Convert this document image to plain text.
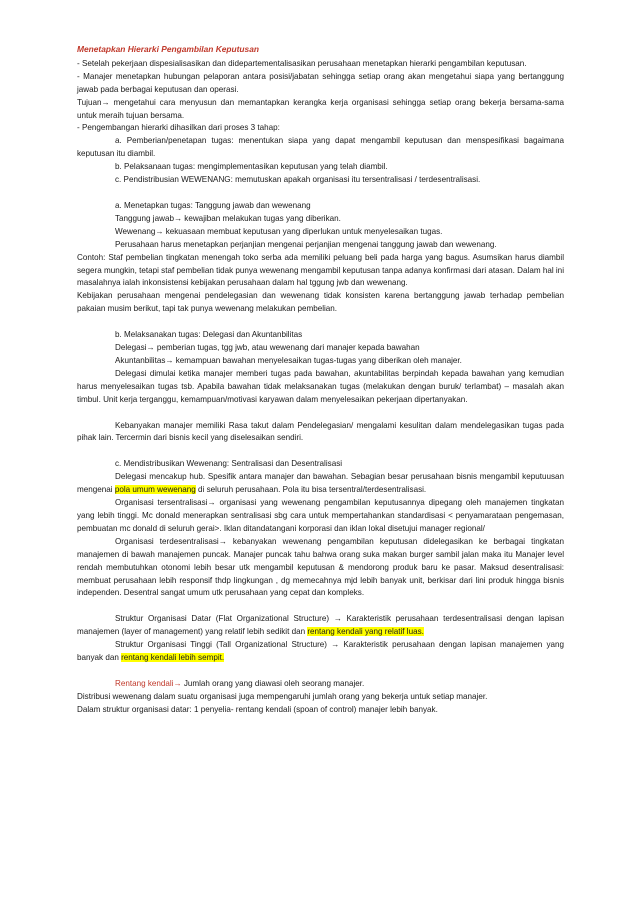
Menetapkan Hierarki Pengambilan Keputusan

- Setelah pekerjaan dispesialisasikan dan didepartementalisasikan perusahaan menetapkan hierarki pengambilan keputusan.

- Manajer menetapkan hubungan pelaporan antara posisi/jabatan sehingga setiap orang akan mengetahui siapa yang bertanggung jawab pada berbagai keputusan dan operasi.

Tujuan→ mengetahui cara menyusun dan memantapkan kerangka kerja organisasi sehingga setiap orang bekerja bersama-sama untuk meraih tujuan bersama.

- Pengembangan hierarki dihasilkan dari proses 3 tahap:

a. Pemberian/penetapan tugas: menentukan siapa yang dapat mengambil keputusan dan menspesifikasi bagaimana keputusan itu diambil.

b. Pelaksanaan tugas: mengimplementasikan keputusan yang telah diambil.

c. Pendistribusian WEWENANG: memutuskan apakah organisasi itu tersentralisasi / terdesentralisasi.

a. Menetapkan tugas: Tanggung jawab dan wewenang

Tanggung jawab→ kewajiban melakukan tugas yang diberikan.

Wewenang→ kekuasaan membuat keputusan yang diperlukan untuk menyelesaikan tugas.

Perusahaan harus menetapkan perjanjian mengenai perjanjian mengenai tanggung jawab dan wewenang.

Contoh: Staf pembelian tingkatan menengah toko serba ada memiliki peluang beli pada harga yang bagus. Asumsikan harus diambil segera mungkin, tetapi staf pembelian tidak punya wewenang mengambil keputusan tanpa adanya konfirmasi dari atasan. Dalam hal ini masalahnya ialah inkonsistensi kebijakan perusahaan dalam hal tggung jwb dan wewenang.

Kebijakan perusahaan mengenai pendelegasian dan wewenang tidak konsisten karena bertanggung jawab terhadap pembelian pakaian musim berikut, tapi tak punya wewenang melakukan pembelian.

b. Melaksanakan tugas: Delegasi dan Akuntanbilitas

Delegasi→ pemberian tugas, tgg jwb, atau wewenang dari manajer kepada bawahan

Akuntanbilitas→ kemampuan bawahan menyelesaikan tugas-tugas yang diberikan oleh manajer.

Delegasi dimulai ketika manajer memberi tugas pada bawahan, akuntabilitas berpindah kepada bawahan yang kemudian harus menyelesaikan tugas tsb. Apabila bawahan tidak melaksanakan tugas (melakukan dengan buruk/ terlambat) – masalah akan timbul. Unit kerja terganggu, kemampuan/motivasi karyawan dalam menyelesaikan pekerjaan dipertanyakan.

Kebanyakan manajer memiliki Rasa takut dalam Pendelegasian/ mengalami kesulitan dalam mendelegasikan tugas pada pihak lain. Tercermin dari bisnis kecil yang diselesaikan sendiri.

c. Mendistribusikan Wewenang: Sentralisasi dan Desentralisasi

Delegasi mencakup hub. Spesifik antara manajer dan bawahan. Sebagian besar perusahaan bisnis mengambil keputuusan mengenai pola umum wewenang di seluruh perusahaan. Pola itu bisa tersentral/terdesentralisasi.

Organisasi tersentralisasi→ organisasi yang wewenang pengambilan keputusannya dipegang oleh manajemen tingkatan yang lebih tinggi. Mc donald menerapkan sentralisasi sbg cara untuk mempertahankan standardisasi < penyamarataan pengemasan, pembuatan mc donald di seluruh gerai>. Iklan ditandatangani korporasi dan iklan lokal disetujui manager regional/

Organisasi terdesentralisasi→ kebanyakan wewenang pengambilan keputusan didelegasikan ke berbagai tingkatan manajemen di bawah manajemen puncak. Manajer puncak tahu bahwa orang suka makan burger sambil jalan maka itu Manajer level rendah membutuhkan otonomi lebih besar utk mengambil keputusan & mendorong produk baru ke pasar. Maksud desentralisasi: membuat perusahaan lebih responsif thdp lingkungan , dg memecahnya mjd lebih banyak unit, berkisar dari lini produk hingga bisnis independen. Desentral sangat umum utk perusahaan yang cepat dan kompleks.

Struktur Organisasi Datar (Flat Organizational Structure) → Karakteristik perusahaan terdesentralisasi dengan lapisan manajemen (layer of management) yang relatif lebih sedikit dan rentang kendali yang relatif luas.

Struktur Organisasi Tinggi (Tall Organizational Structure) → Karakteristik perusahaan dengan lapisan manajemen yang banyak dan rentang kendali lebih sempit.

Rentang kendali→ Jumlah orang yang diawasi oleh seorang manajer.

Distribusi wewenang dalam suatu organisasi juga mempengaruhi jumlah orang yang bekerja untuk setiap manajer.

Dalam struktur organisasi datar: 1 penyelia- rentang kendali (spoan of control) manajer lebih banyak.
